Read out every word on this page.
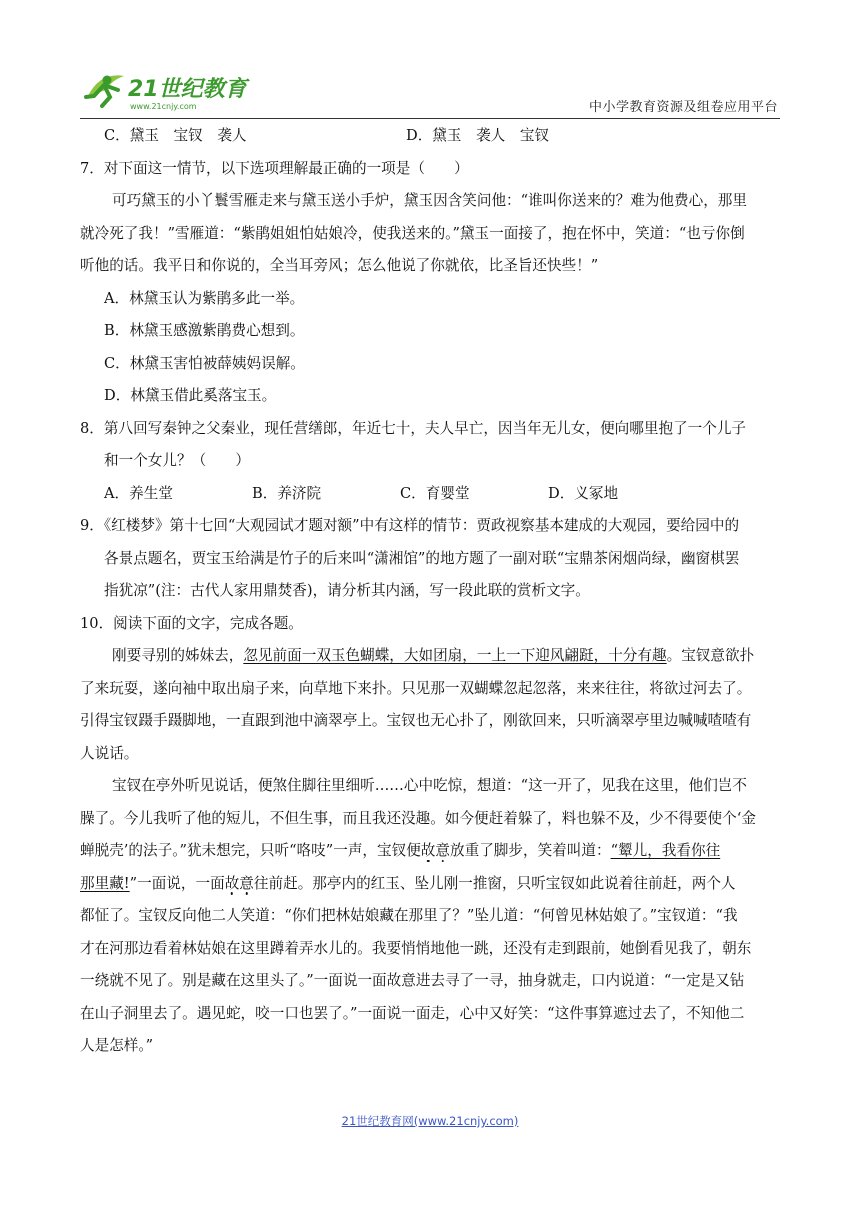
21世纪教育
www.21cnjy.com	中小学教育资源及组卷应用平台
C．黛玉　宝钗　袭人	D．黛玉　袭人　宝钗
7．对下面这一情节，以下选项理解最正确的一项是（　　）
可巧黛玉的小丫鬟雪雁走来与黛玉送小手炉，黛玉因含笑问他：“谁叫你送来的？难为他费心，那里
就冷死了我！”雪雁道：“紫鹃姐姐怕姑娘冷，使我送来的。”黛玉一面接了，抱在怀中，笑道：“也亏你倒
听他的话。我平日和你说的，全当耳旁风；怎么他说了你就依，比圣旨还快些！”
A．林黛玉认为紫鹃多此一举。
B．林黛玉感激紫鹃费心想到。
C．林黛玉害怕被薛姨妈误解。
D．林黛玉借此奚落宝玉。
8．第八回写秦钟之父秦业，现任营缮郎，年近七十，夫人早亡，因当年无儿女，便向哪里抱了一个儿子
和一个女儿？（　　）
A．养生堂	B．养济院	C．育婴堂	D．义冢地
9．《红楼梦》第十七回“大观园试才题对额”中有这样的情节：贾政视察基本建成的大观园，要给园中的
各景点题名，贾宝玉给满是竹子的后来叫“潇湘馆”的地方题了一副对联“宝鼎茶闲烟尚绿，幽窗棋罢
指犹凉”(注：古代人家用鼎焚香)，请分析其内涵，写一段此联的赏析文字。
10．阅读下面的文字，完成各题。
刚要寻别的姊妹去，忽见前面一双玉色蝴蝶，大如团扇，一上一下迎风翩跹，十分有趣。宝钗意欲扑
了来玩耍，遂向袖中取出扇子来，向草地下来扑。只见那一双蝴蝶忽起忽落，来来往往，将欲过河去了。
引得宝钗蹑手蹑脚地，一直跟到池中滴翠亭上。宝钗也无心扑了，刚欲回来，只听滴翠亭里边喊喊喳喳有
人说话。
宝钗在亭外听见说话，便煞住脚往里细听……心中吃惊，想道：“这一开了，见我在这里，他们岂不
臊了。今儿我听了他的短儿，不但生事，而且我还没趣。如今便赶着躲了，料也躲不及，少不得要使个‘金
蝉脱壳’的法子。”犹未想完，只听“咯吱”一声，宝钗便故意放重了脚步，笑着叫道：“颦儿，我看你往
那里藏!”一面说，一面故意往前赶。那亭内的红玉、坠儿刚一推窗，只听宝钗如此说着往前赶，两个人
都怔了。宝钗反向他二人笑道：“你们把林姑娘藏在那里了？”坠儿道：“何曾见林姑娘了。”宝钗道：“我
才在河那边看着林姑娘在这里蹲着弄水儿的。我要悄悄地他一跳，还没有走到跟前，她倒看见我了，朝东
一绕就不见了。别是藏在这里头了。”一面说一面故意进去寻了一寻，抽身就走，口内说道：“一定是又钻
在山子洞里去了。遇见蛇，咬一口也罢了。”一面说一面走，心中又好笑：“这件事算遮过去了，不知他二
人是怎样。”
21世纪教育网(www.21cnjy.com)
